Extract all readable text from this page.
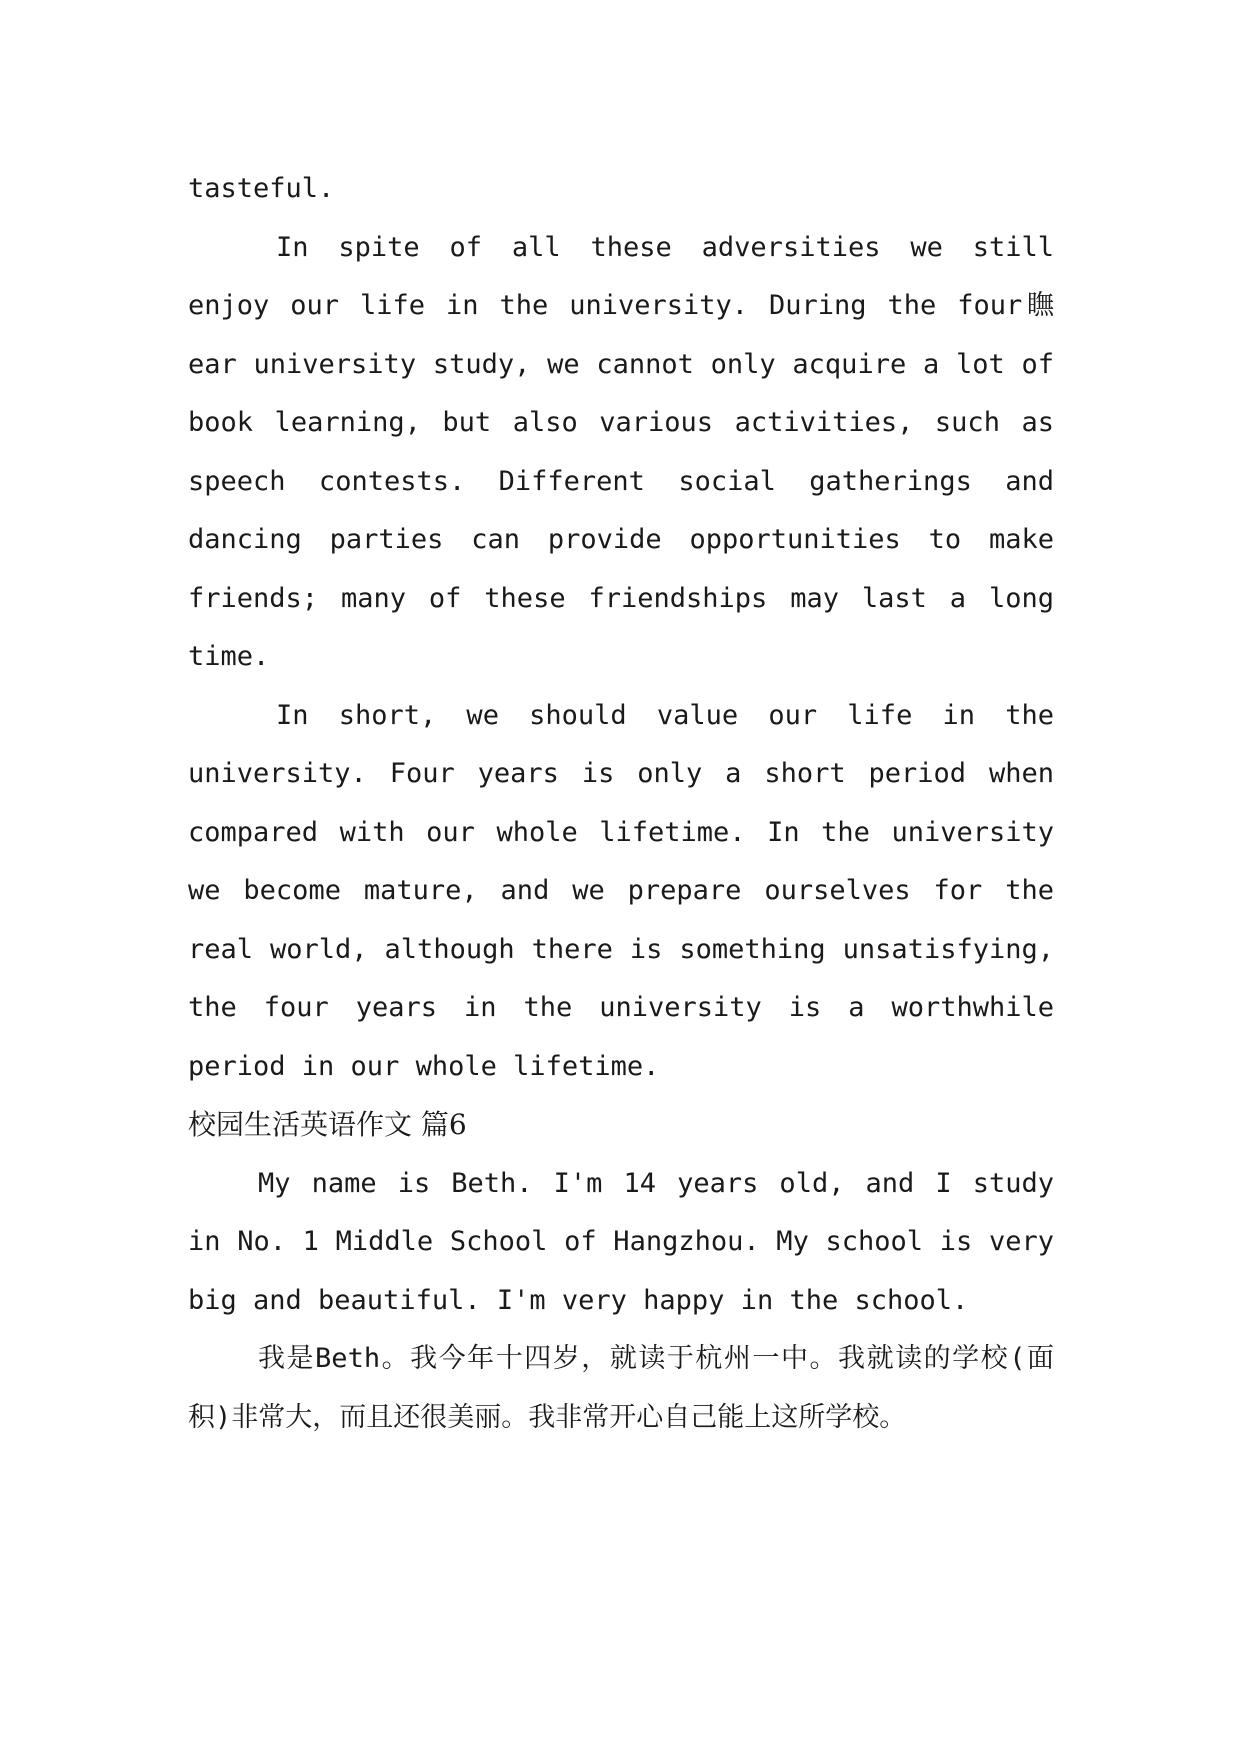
tasteful.

In spite of all these adversities we still enjoy our life in the university. During the four瞴ear university study, we cannot only acquire a lot of book learning, but also various activities, such as speech contests. Different social gatherings and dancing parties can provide opportunities to make friends; many of these friendships may last a long time.

In short, we should value our life in the university. Four years is only a short period when compared with our whole lifetime. In the university we become mature, and we prepare ourselves for the real world, although there is something unsatisfying, the four years in the university is a worthwhile period in our whole lifetime.

校园生活英语作文 篇6

My name is Beth. I'm 14 years old, and I study in No. 1 Middle School of Hangzhou. My school is very big and beautiful. I'm very happy in the school.

我是Beth。我今年十四岁，就读于杭州一中。我就读的学校(面积)非常大，而且还很美丽。我非常开心自己能上这所学校。
